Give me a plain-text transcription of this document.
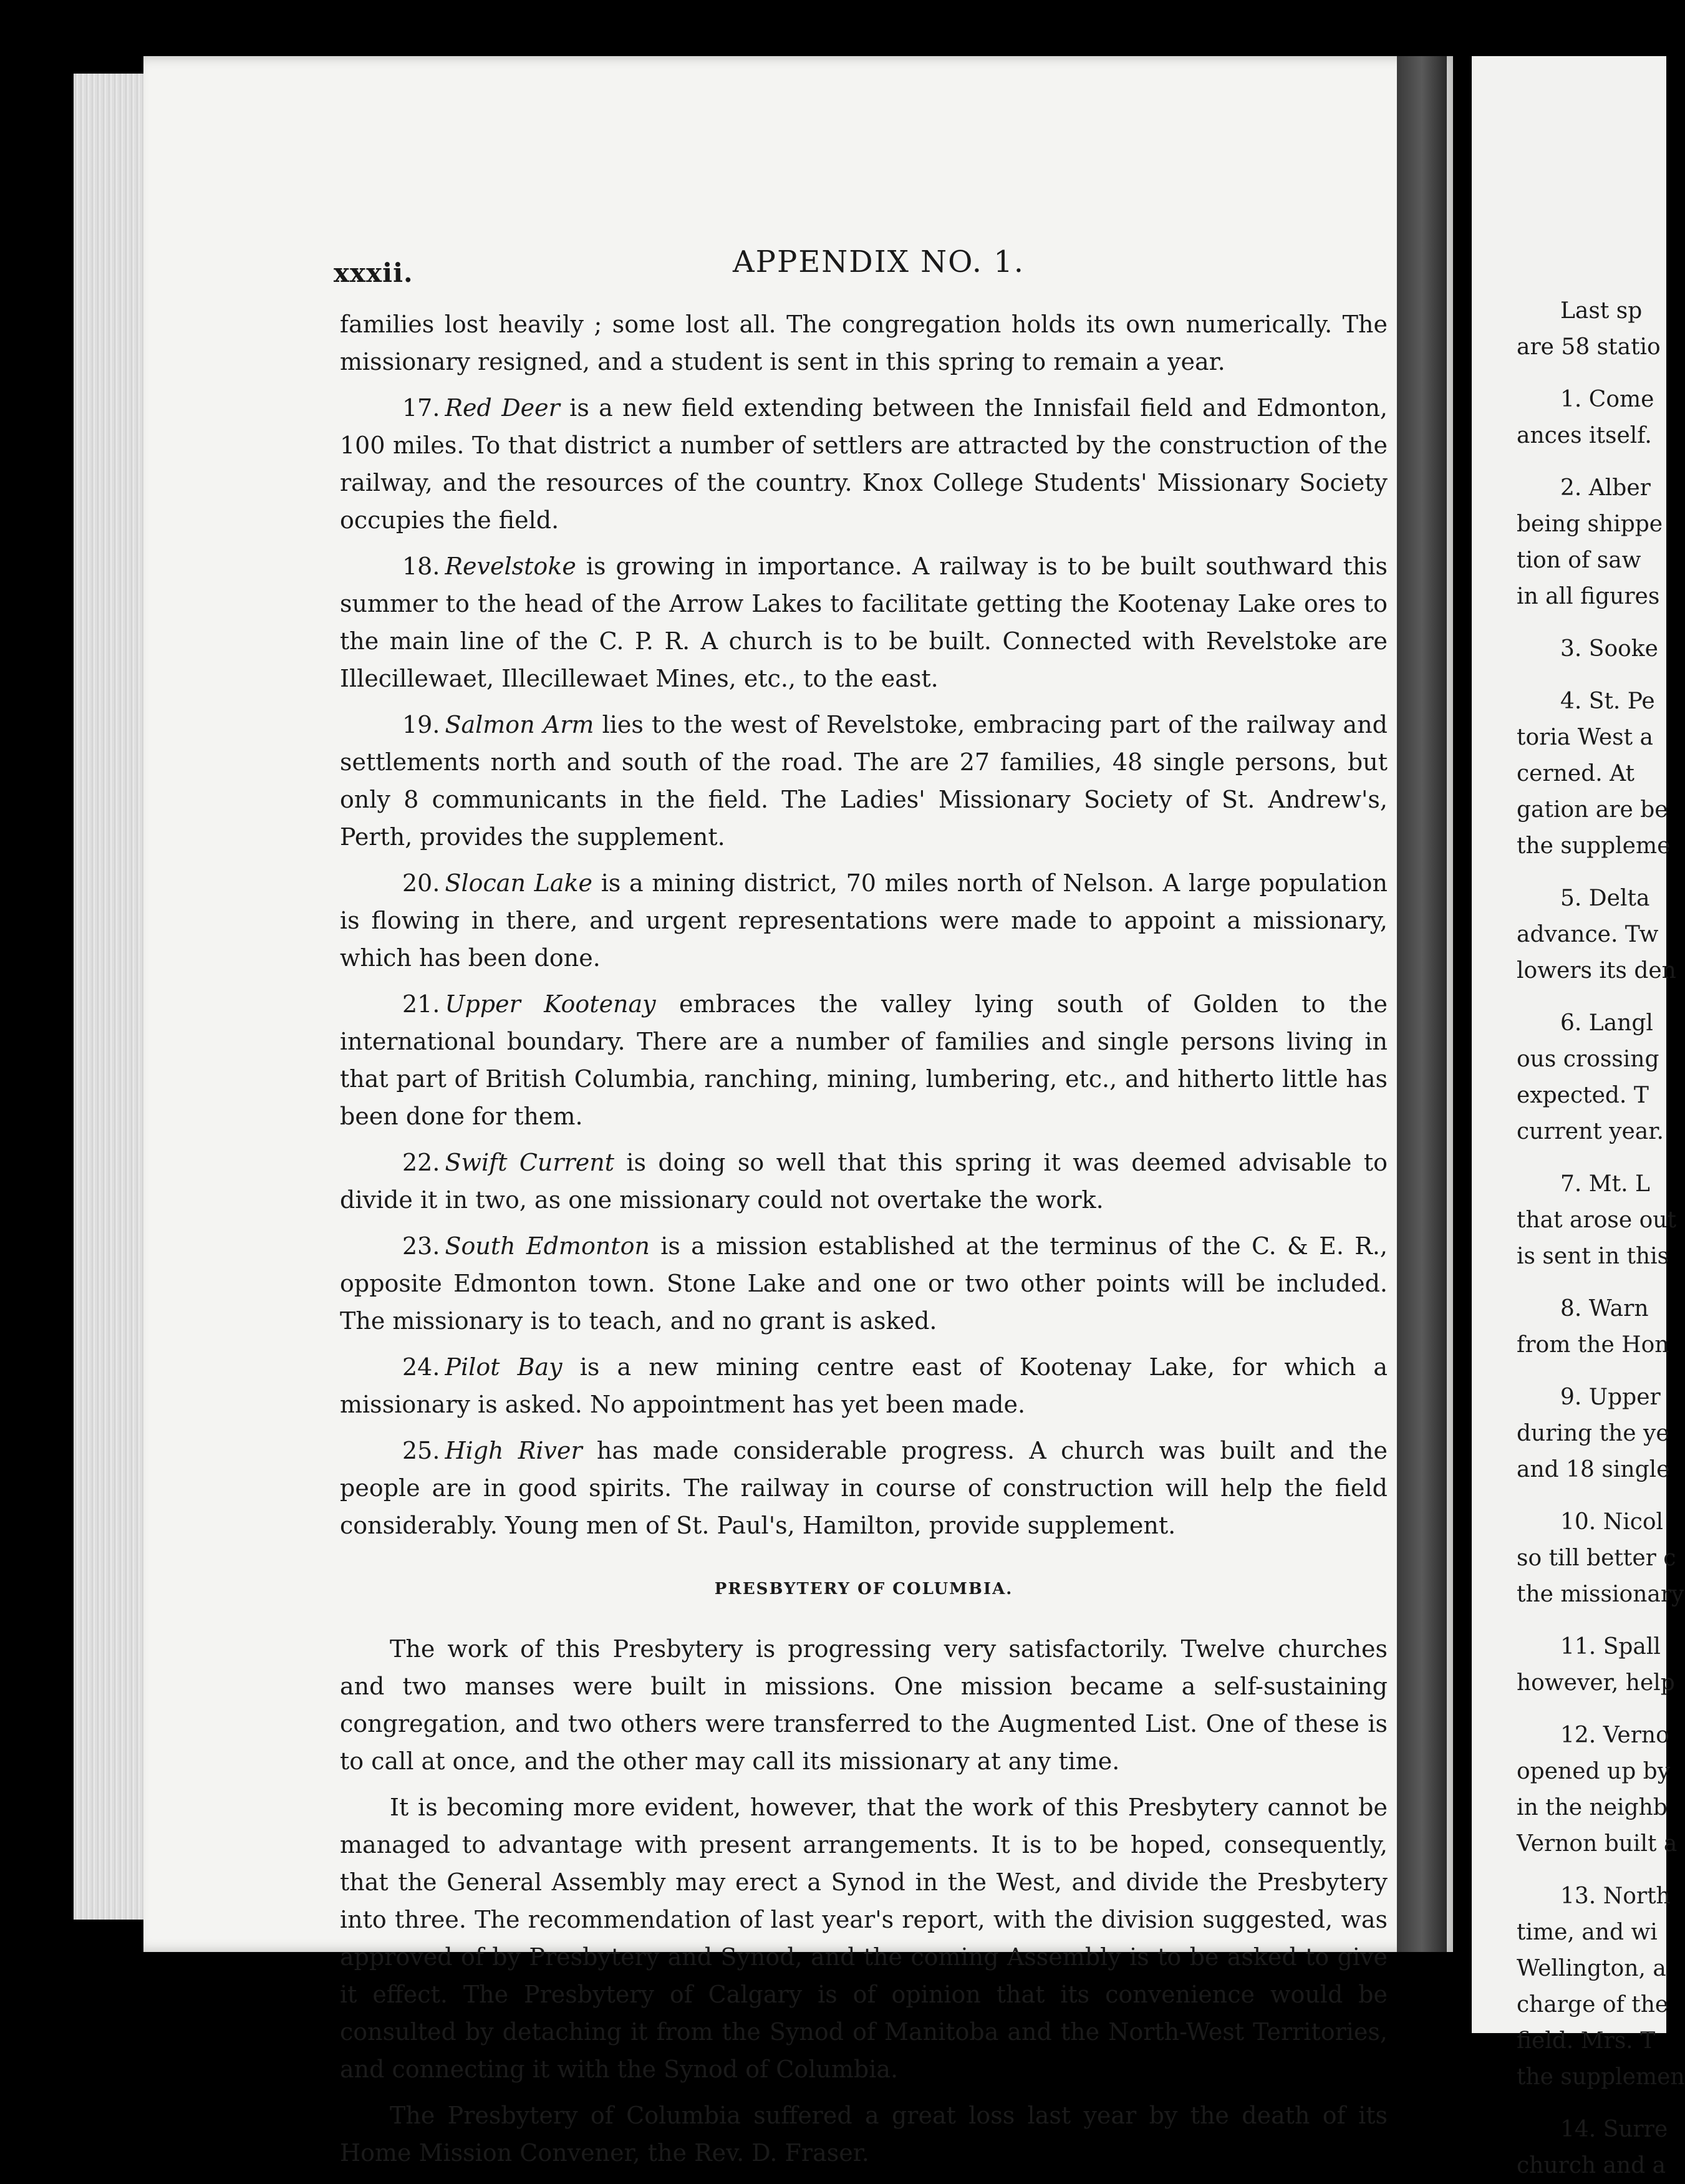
xxxii.	APPENDIX NO. 1.

families lost heavily ; some lost all. The congregation holds its own numerically. The missionary resigned, and a student is sent in this spring to remain a year.

17. Red Deer is a new field extending between the Innisfail field and Edmonton, 100 miles. To that district a number of settlers are attracted by the construction of the railway, and the resources of the country. Knox College Students' Missionary Society occupies the field.

18. Revelstoke is growing in importance. A railway is to be built southward this summer to the head of the Arrow Lakes to facilitate getting the Kootenay Lake ores to the main line of the C. P. R. A church is to be built. Connected with Revelstoke are Illecillewaet, Illecillewaet Mines, etc., to the east.

19. Salmon Arm lies to the west of Revelstoke, embracing part of the railway and settlements north and south of the road. The are 27 families, 48 single persons, but only 8 communicants in the field. The Ladies' Missionary Society of St. Andrew's, Perth, provides the supplement.

20. Slocan Lake is a mining district, 70 miles north of Nelson. A large population is flowing in there, and urgent representations were made to appoint a missionary, which has been done.

21. Upper Kootenay embraces the valley lying south of Golden to the international boundary. There are a number of families and single persons living in that part of British Columbia, ranching, mining, lumbering, etc., and hitherto little has been done for them.

22. Swift Current is doing so well that this spring it was deemed advisable to divide it in two, as one missionary could not overtake the work.

23. South Edmonton is a mission established at the terminus of the C. & E. R., opposite Edmonton town. Stone Lake and one or two other points will be included. The missionary is to teach, and no grant is asked.

24. Pilot Bay is a new mining centre east of Kootenay Lake, for which a missionary is asked. No appointment has yet been made.

25. High River has made considerable progress. A church was built and the people are in good spirits. The railway in course of construction will help the field considerably. Young men of St. Paul's, Hamilton, provide supplement.

PRESBYTERY OF COLUMBIA.

The work of this Presbytery is progressing very satisfactorily. Twelve churches and two manses were built in missions. One mission became a self-sustaining congregation, and two others were transferred to the Augmented List. One of these is to call at once, and the other may call its missionary at any time.

It is becoming more evident, however, that the work of this Presbytery cannot be managed to advantage with present arrangements. It is to be hoped, consequently, that the General Assembly may erect a Synod in the West, and divide the Presbytery into three. The recommendation of last year's report, with the division suggested, was approved of by Presbytery and Synod, and the coming Assembly is to be asked to give it effect. The Presbytery of Calgary is of opinion that its convenience would be consulted by detaching it from the Synod of Manitoba and the North-West Territories, and connecting it with the Synod of Columbia.

The Presbytery of Columbia suffered a great loss last year by the death of its Home Mission Convener, the Rev. D. Fraser.

Last sp
are 58 statio
1. Come
ances itself.
2. Alber
being shippe
tion of saw
in all figures
3. Sooke
4. St. Pe
toria West a
cerned. At
gation are be
the suppleme
5. Delta
advance. Tw
lowers its den
6. Langl
ous crossing
expected. T
current year.
7. Mt. L
that arose out
is sent in this
8. Warn
from the Hon
9. Upper
during the ye
and 18 single
10. Nicol
so till better c
the missionary
11. Spall
however, help
12. Verno
opened up by
in the neighb
Vernon built a
13. North
time, and wi
Wellington, a
charge of the
field. Mrs. T
the supplemen
14. Surre
church and a
